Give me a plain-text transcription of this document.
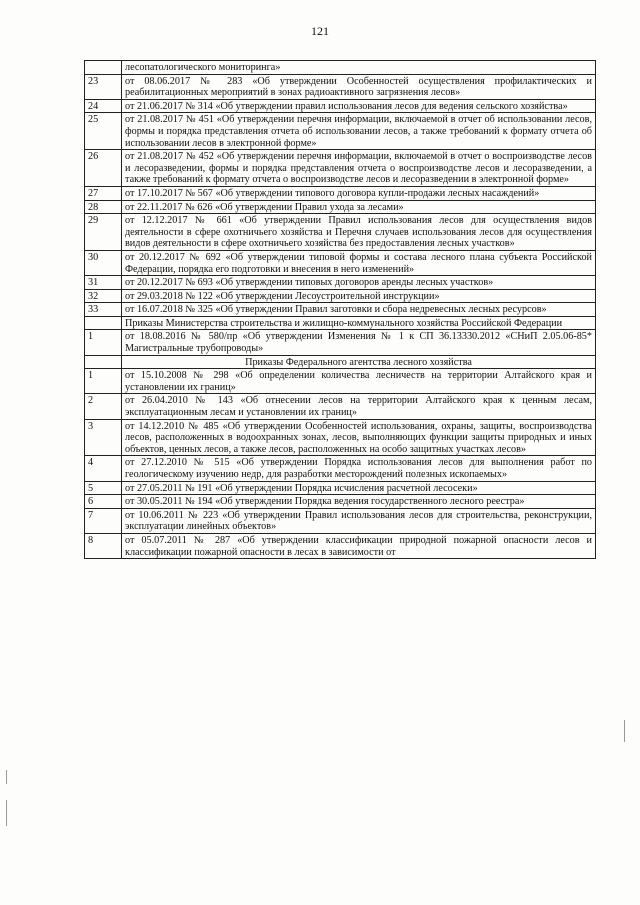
121
	лесопатологического мониторинга»
23	от 08.06.2017 № 283 «Об утверждении Особенностей осуществления профилактических и реабилитационных мероприятий в зонах радиоактивного загрязнения лесов»
24	от 21.06.2017 № 314 «Об утверждении правил использования лесов для ведения сельского хозяйства»
25	от 21.08.2017 № 451 «Об утверждении перечня информации, включаемой в отчет об использовании лесов, формы и порядка представления отчета об использовании лесов, а также требований к формату отчета об использовании лесов в электронной форме»
26	от 21.08.2017 № 452 «Об утверждении перечня информации, включаемой в отчет о воспроизводстве лесов и лесоразведении, формы и порядка представления отчета о воспроизводстве лесов и лесоразведении, а также требований к формату отчета о воспроизводстве лесов и лесоразведении в электронной форме»
27	от 17.10.2017 № 567 «Об утверждении типового договора купли-продажи лесных насаждений»
28	от 22.11.2017 № 626 «Об утверждении Правил ухода за лесами»
29	от 12.12.2017 № 661 «Об утверждении Правил использования лесов для осуществления видов деятельности в сфере охотничьего хозяйства и Перечня случаев использования лесов для осуществления видов деятельности в сфере охотничьего хозяйства без предоставления лесных участков»
30	от 20.12.2017 № 692 «Об утверждении типовой формы и состава лесного плана субъекта Российской Федерации, порядка его подготовки и внесения в него изменений»
31	от 20.12.2017 № 693 «Об утверждении типовых договоров аренды лесных участков»
32	от 29.03.2018 № 122 «Об утверждении Лесоустроительной инструкции»
33	от 16.07.2018 № 325 «Об утверждении Правил заготовки и сбора недревесных лесных ресурсов»
	Приказы Министерства строительства и жилищно-коммунального хозяйства Российской Федерации
1	от 18.08.2016 № 580/пр «Об утверждении Изменения № 1 к СП 36.13330.2012 «СНиП 2.05.06-85* Магистральные трубопроводы»
	Приказы Федерального агентства лесного хозяйства
1	от 15.10.2008 № 298 «Об определении количества лесничеств на территории Алтайского края и установлении их границ»
2	от 26.04.2010 № 143 «Об отнесении лесов на территории Алтайского края к ценным лесам, эксплуатационным лесам и установлении их границ»
3	от 14.12.2010 № 485 «Об утверждении Особенностей использования, охраны, защиты, воспроизводства лесов, расположенных в водоохранных зонах, лесов, выполняющих функции защиты природных и иных объектов, ценных лесов, а также лесов, расположенных на особо защитных участках лесов»
4	от 27.12.2010 № 515 «Об утверждении Порядка использования лесов для выполнения работ по геологическому изучению недр, для разработки месторождений полезных ископаемых»
5	от 27.05.2011 № 191 «Об утверждении Порядка исчисления расчетной лесосеки»
6	от 30.05.2011 № 194 «Об утверждении Порядка ведения государственного лесного реестра»
7	от 10.06.2011 № 223 «Об утверждении Правил использования лесов для строительства, реконструкции, эксплуатации линейных объектов»
8	от 05.07.2011 № 287 «Об утверждении классификации природной пожарной опасности лесов и классификации пожарной опасности в лесах в зависимости от
